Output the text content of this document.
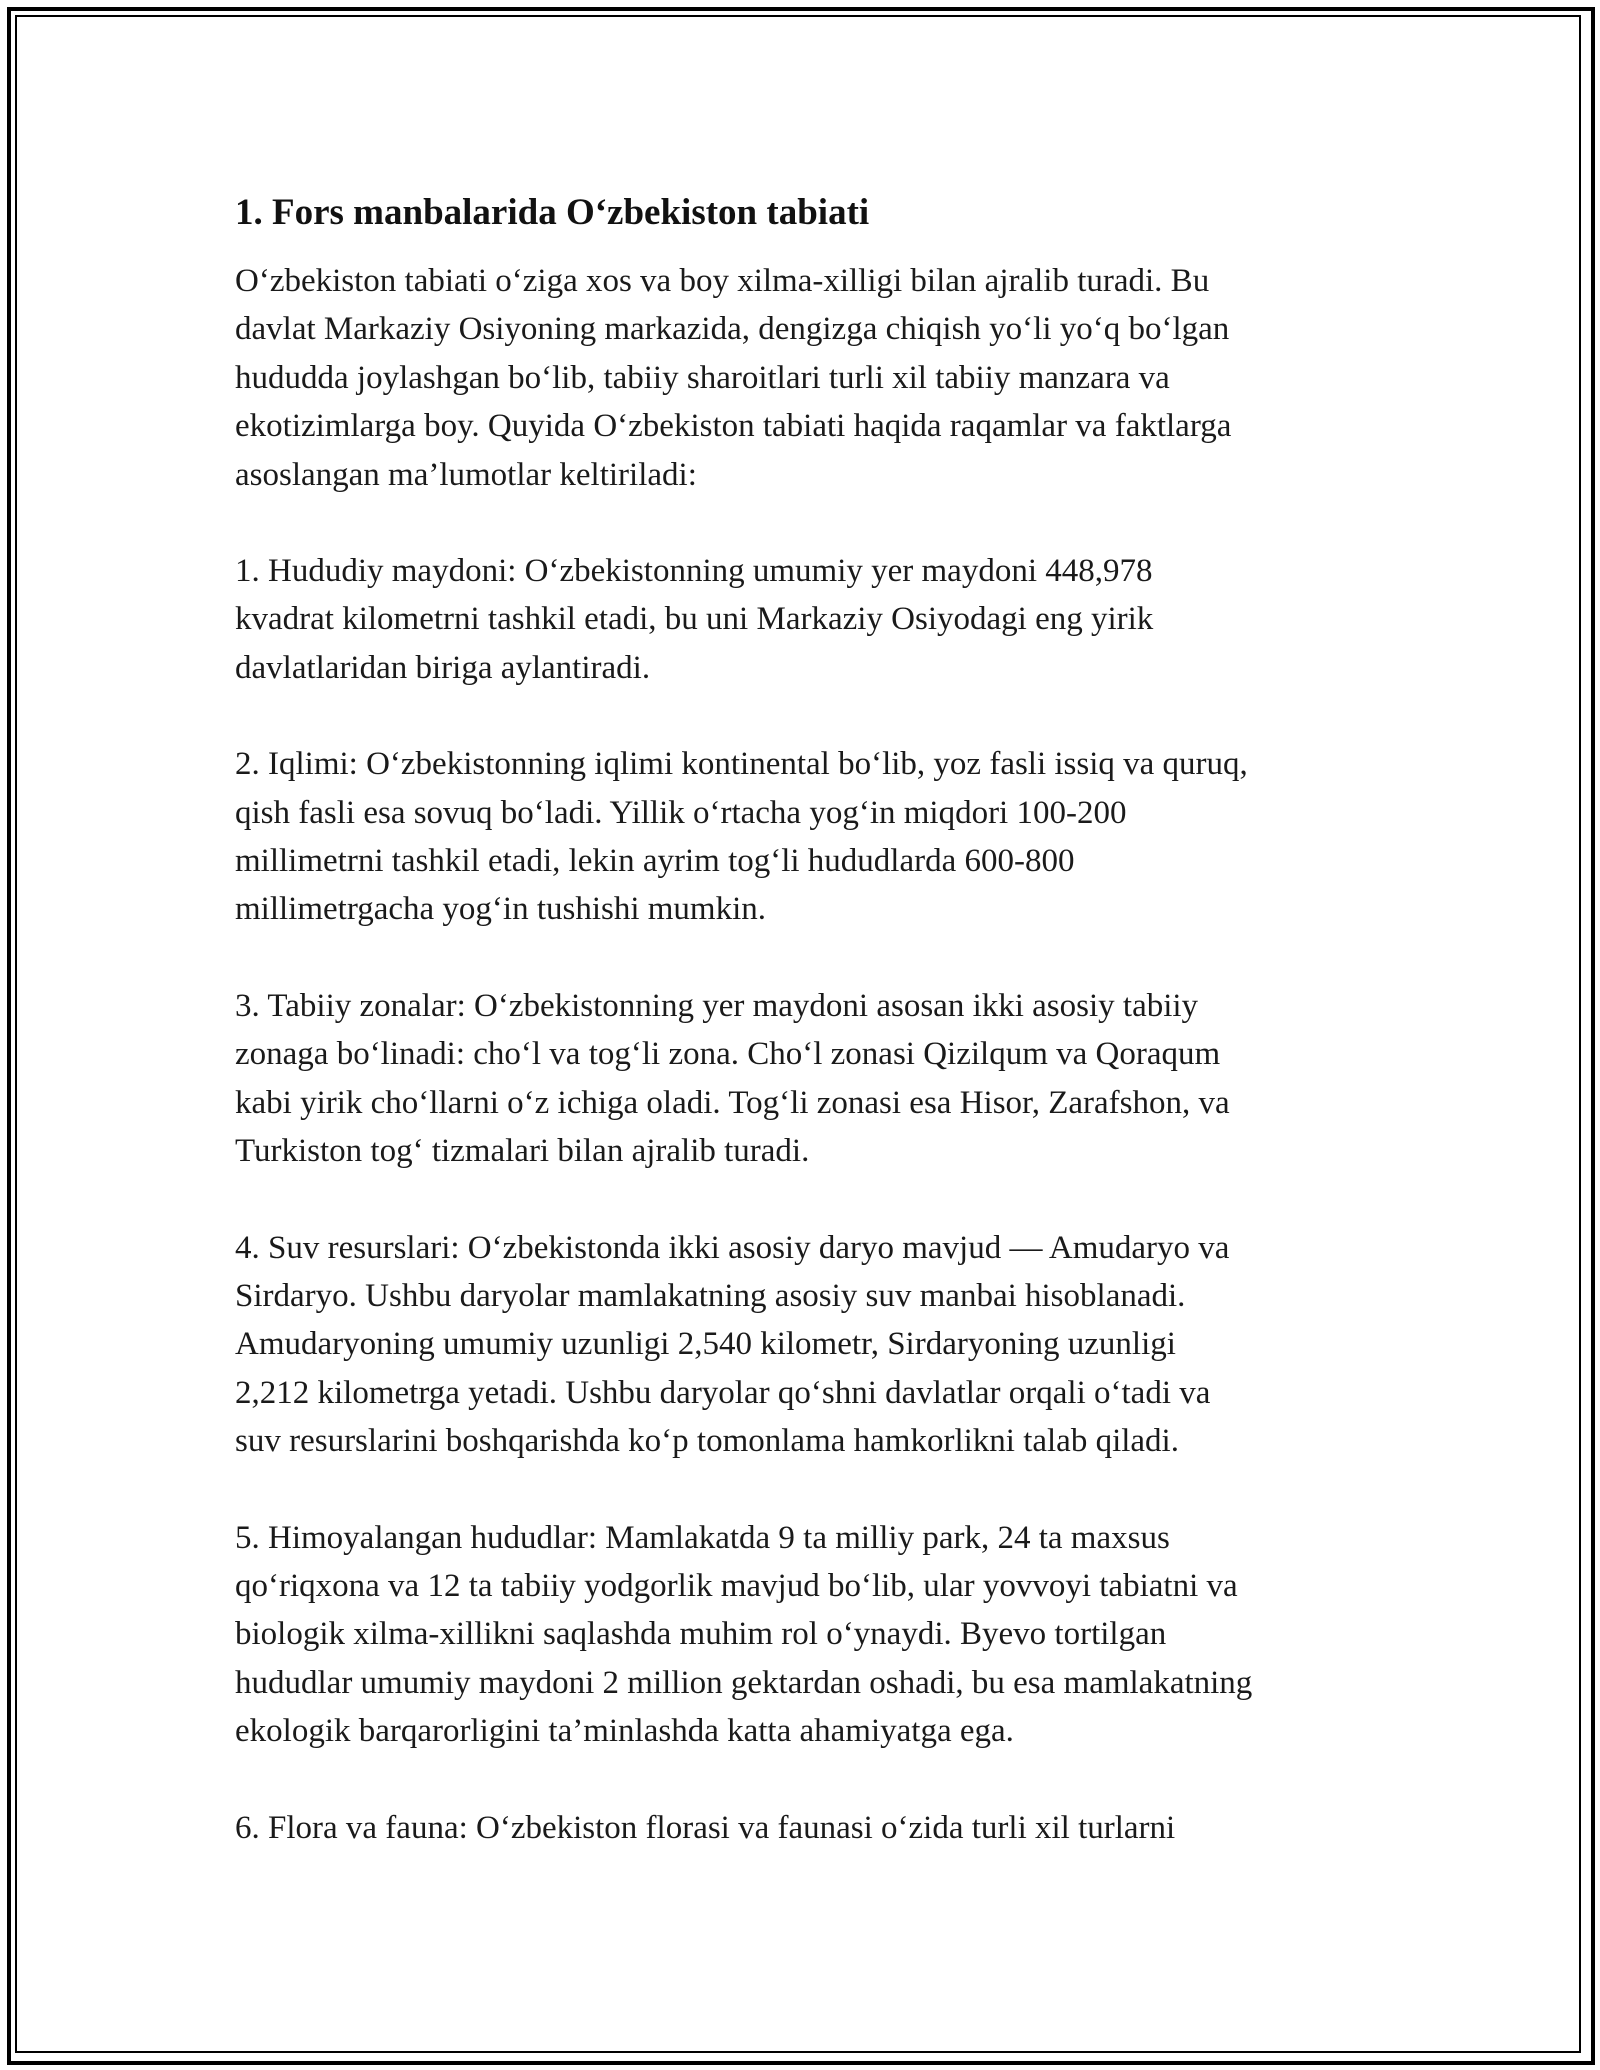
1. Fors manbalarida O‘zbekiston tabiati

O‘zbekiston tabiati o‘ziga xos va boy xilma-xilligi bilan ajralib turadi. Bu
davlat Markaziy Osiyoning markazida, dengizga chiqish yo‘li yo‘q bo‘lgan
hududda joylashgan bo‘lib, tabiiy sharoitlari turli xil tabiiy manzara va
ekotizimlarga boy. Quyida O‘zbekiston tabiati haqida raqamlar va faktlarga
asoslangan ma’lumotlar keltiriladi:

1. Hududiy maydoni: O‘zbekistonning umumiy yer maydoni 448,978
kvadrat kilometrni tashkil etadi, bu uni Markaziy Osiyodagi eng yirik
davlatlaridan biriga aylantiradi.

2. Iqlimi: O‘zbekistonning iqlimi kontinental bo‘lib, yoz fasli issiq va quruq,
qish fasli esa sovuq bo‘ladi. Yillik o‘rtacha yog‘in miqdori 100-200
millimetrni tashkil etadi, lekin ayrim tog‘li hududlarda 600-800
millimetrgacha yog‘in tushishi mumkin.

3. Tabiiy zonalar: O‘zbekistonning yer maydoni asosan ikki asosiy tabiiy
zonaga bo‘linadi: cho‘l va tog‘li zona. Cho‘l zonasi Qizilqum va Qoraqum
kabi yirik cho‘llarni o‘z ichiga oladi. Tog‘li zonasi esa Hisor, Zarafshon, va
Turkiston tog‘ tizmalari bilan ajralib turadi.

4. Suv resurslari: O‘zbekistonda ikki asosiy daryo mavjud — Amudaryo va
Sirdaryo. Ushbu daryolar mamlakatning asosiy suv manbai hisoblanadi.
Amudaryoning umumiy uzunligi 2,540 kilometr, Sirdaryoning uzunligi
2,212 kilometrga yetadi. Ushbu daryolar qo‘shni davlatlar orqali o‘tadi va
suv resurslarini boshqarishda ko‘p tomonlama hamkorlikni talab qiladi.

5. Himoyalangan hududlar: Mamlakatda 9 ta milliy park, 24 ta maxsus
qo‘riqxona va 12 ta tabiiy yodgorlik mavjud bo‘lib, ular yovvoyi tabiatni va
biologik xilma-xillikni saqlashda muhim rol o‘ynaydi. Byevo tortilgan
hududlar umumiy maydoni 2 million gektardan oshadi, bu esa mamlakatning
ekologik barqarorligini ta’minlashda katta ahamiyatga ega.

6. Flora va fauna: O‘zbekiston florasi va faunasi o‘zida turli xil turlarni
